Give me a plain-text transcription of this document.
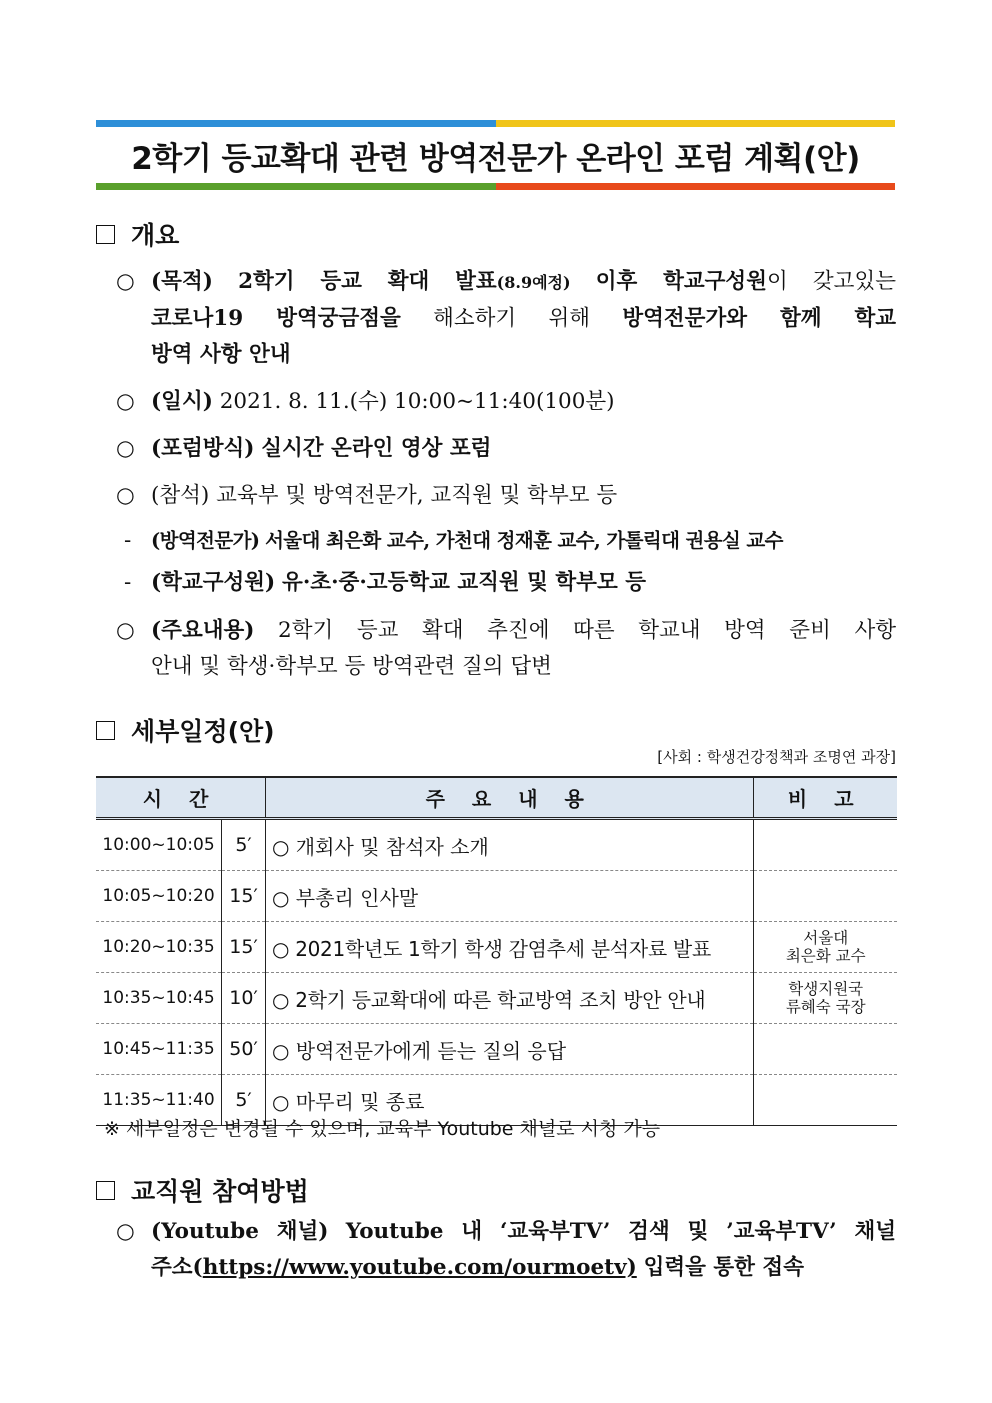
2학기 등교확대 관련 방역전문가 온라인 포럼 계획(안)
개요
○ (목적) 2학기 등교 확대 발표(8.9예정) 이후 학교구성원이 갖고있는
코로나19 방역궁금점을 해소하기 위해 방역전문가와 함께 학교
방역 사항 안내
○ (일시) 2021. 8. 11.(수) 10:00~11:40(100분)
○ (포럼방식) 실시간 온라인 영상 포럼
○ (참석) 교육부 및 방역전문가, 교직원 및 학부모 등
- (방역전문가) 서울대 최은화 교수, 가천대 정재훈 교수, 가톨릭대 권용실 교수
- (학교구성원) 유·초·중·고등학교 교직원 및 학부모 등
○ (주요내용) 2학기 등교 확대 추진에 따른 학교내 방역 준비 사항
안내 및 학생·학부모 등 방역관련 질의 답변
세부일정(안)
[사회 : 학생건강정책과 조명연 과장]
시 간		주 요 내 용	비 고
10:00~10:05	5′	○ 개회사 및 참석자 소개	
10:05~10:20	15′	○ 부총리 인사말	
10:20~10:35	15′	○ 2021학년도 1학기 학생 감염추세 분석자료 발표	서울대
최은화 교수
10:35~10:45	10′	○ 2학기 등교확대에 따른 학교방역 조치 방안 안내	학생지원국
류혜숙 국장
10:45~11:35	50′	○ 방역전문가에게 듣는 질의 응답	
11:35~11:40	5′	○ 마무리 및 종료	
※ 세부일정은 변경될 수 있으며, 교육부 Youtube 채널로 시청 가능
교직원 참여방법
○ (Youtube 채널) Youtube 내 ‘교육부TV’ 검색 및 ’교육부TV’ 채널
주소(https://www.youtube.com/ourmoetv) 입력을 통한 접속
